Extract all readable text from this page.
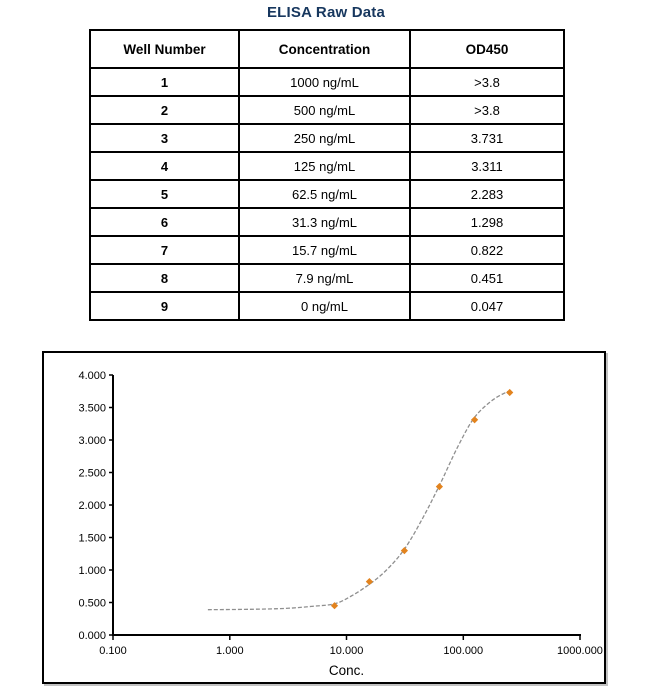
ELISA Raw Data
Well Number	Concentration	OD450
1	1000 ng/mL	>3.8
2	500 ng/mL	>3.8
3	250 ng/mL	3.731
4	125 ng/mL	3.311
5	62.5 ng/mL	2.283
6	31.3 ng/mL	1.298
7	15.7 ng/mL	0.822
8	7.9 ng/mL	0.451
9	0 ng/mL	0.047
0.000
0.500
1.000
1.500
2.000
2.500
3.000
3.500
4.000
0.100	1.000	10.000	100.000	1000.000
Conc.
